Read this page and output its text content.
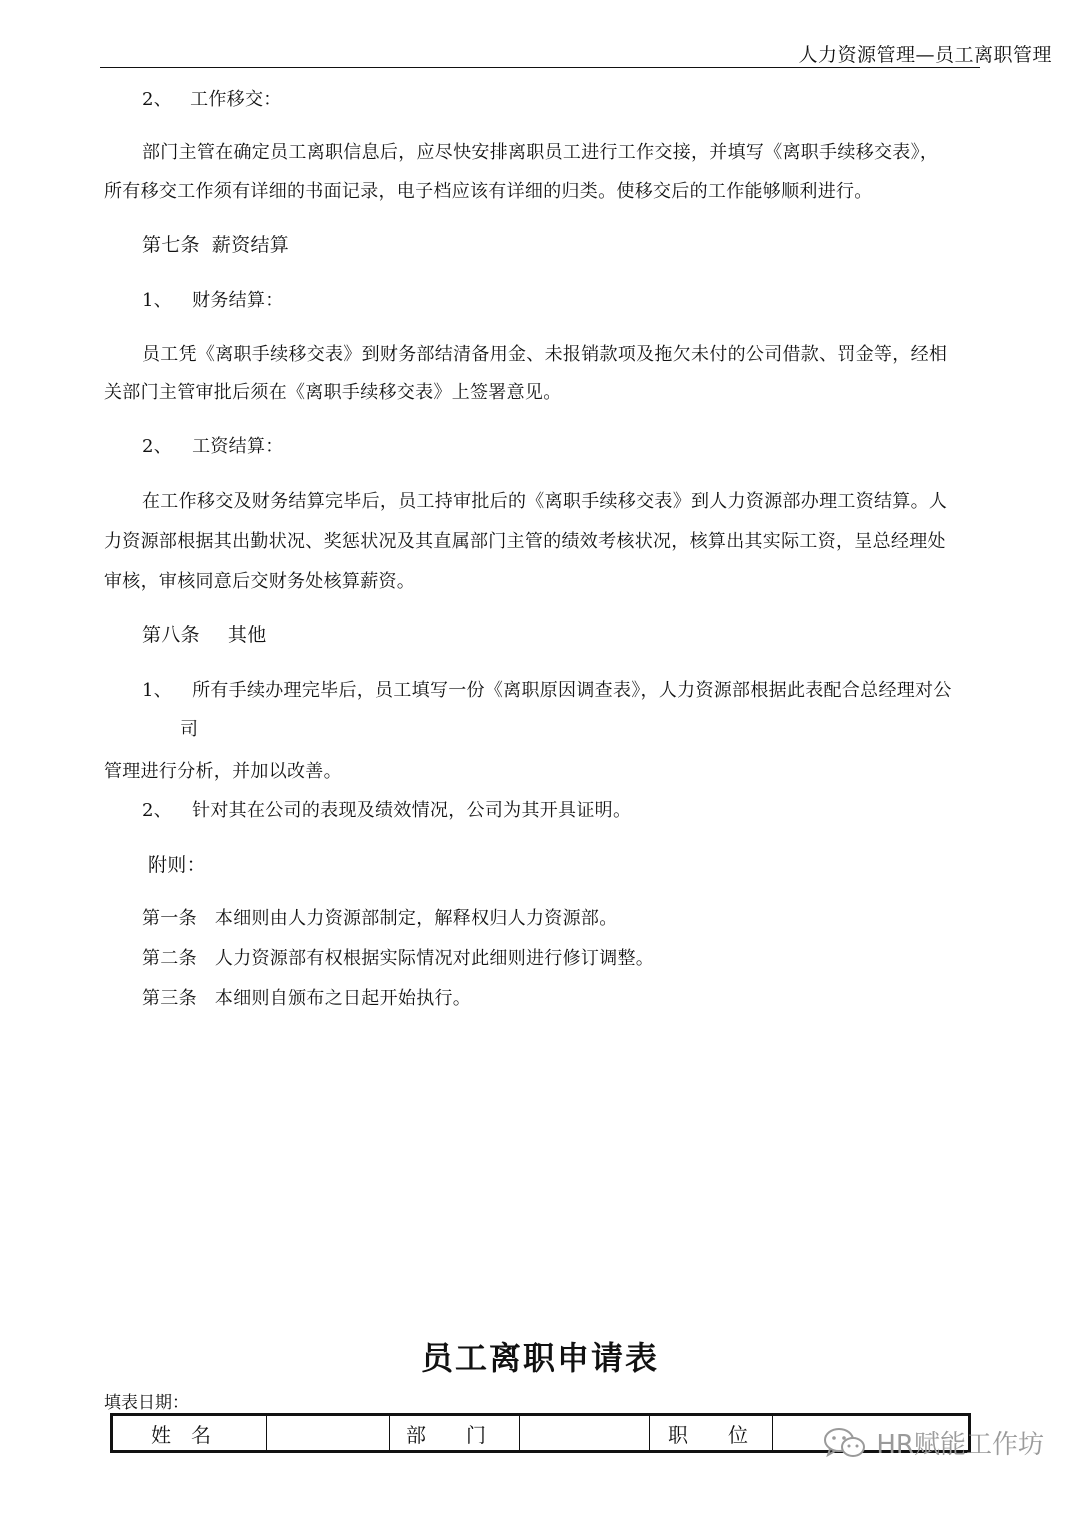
人力资源管理—员工离职管理
2、 工作移交：
部门主管在确定员工离职信息后，应尽快安排离职员工进行工作交接，并填写《离职手续移交表》，
所有移交工作须有详细的书面记录，电子档应该有详细的归类。使移交后的工作能够顺利进行。
第七条 薪资结算
1、 财务结算：
员工凭《离职手续移交表》到财务部结清备用金、未报销款项及拖欠未付的公司借款、罚金等，经相
关部门主管审批后须在《离职手续移交表》上签署意见。
2、 工资结算：
在工作移交及财务结算完毕后，员工持审批后的《离职手续移交表》到人力资源部办理工资结算。人
力资源部根据其出勤状况、奖惩状况及其直属部门主管的绩效考核状况，核算出其实际工资，呈总经理处
审核，审核同意后交财务处核算薪资。
第八条 其他
1、 所有手续办理完毕后，员工填写一份《离职原因调查表》，人力资源部根据此表配合总经理对公
司
管理进行分析，并加以改善。
2、 针对其在公司的表现及绩效情况，公司为其开具证明。
附则：
第一条 本细则由人力资源部制定，解释权归人力资源部。
第二条 人力资源部有权根据实际情况对此细则进行修订调整。
第三条 本细则自颁布之日起开始执行。
员工离职申请表
填表日期：
姓　名		部　　门		职　　位		HR赋能工作坊
